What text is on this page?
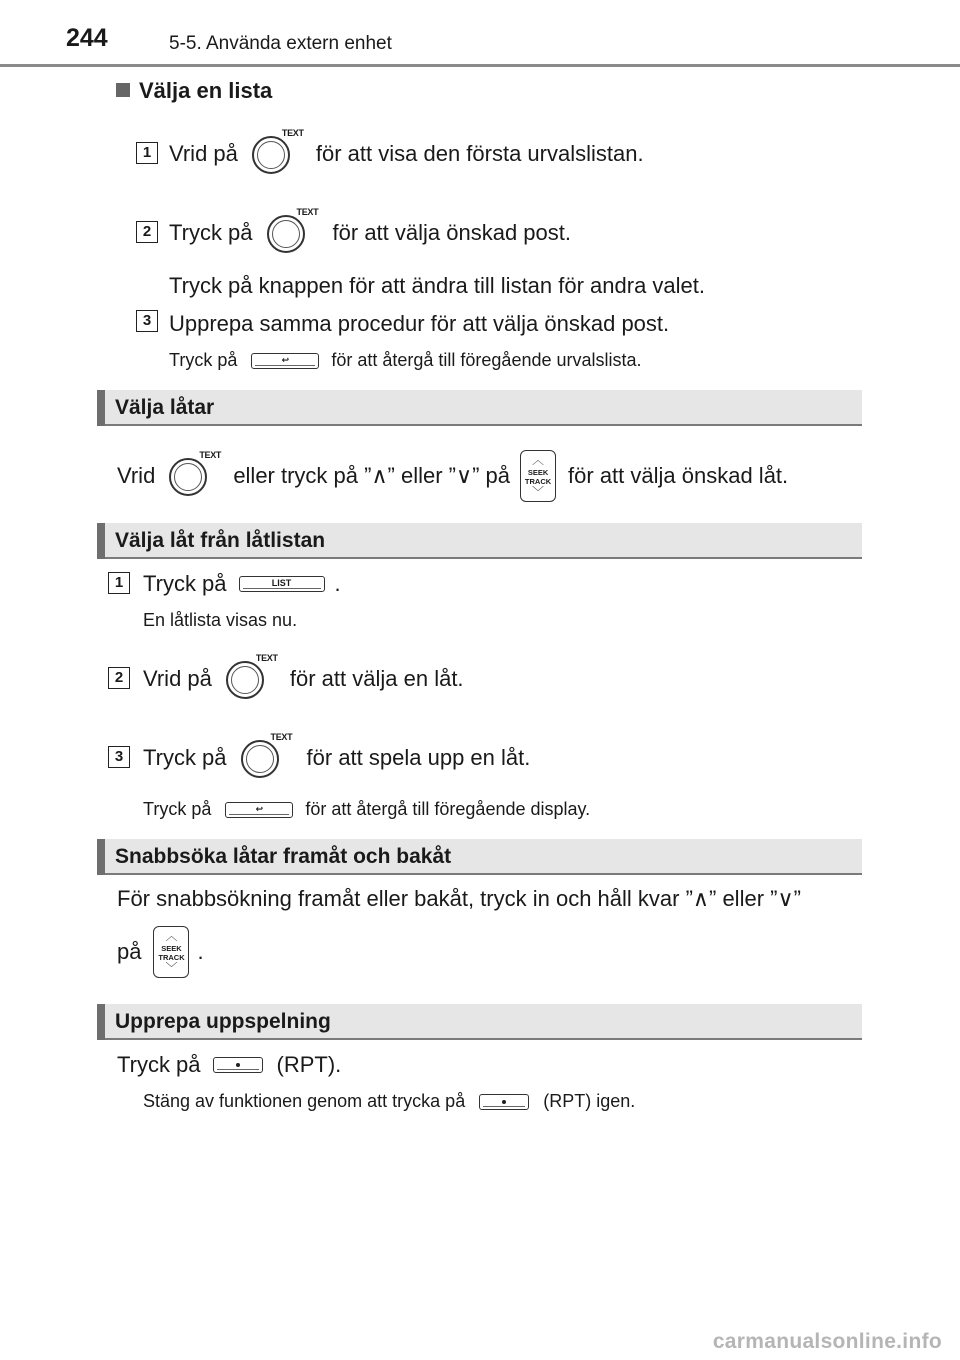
244	5-5. Använda extern enhet
Välja en lista
1 Vrid på
TEXT
för att visa den första urvalslistan.
2 Tryck på
TEXT
för att välja önskad post.
Tryck på knappen för att ändra till listan för andra valet.
3 Upprepa samma procedur för att välja önskad post.
Tryck på	↩	för att återgå till föregående urvalslista.
Välja låtar
Vrid
TEXT
eller tryck på ”∧” eller ”∨” på
︿
SEEK
TRACK
﹀
för att välja önskad låt.
Välja låt från låtlistan
1 Tryck på	LIST	.
En låtlista visas nu.
2 Vrid på
TEXT
för att välja en låt.
3 Tryck på
TEXT
för att spela upp en låt.
Tryck på	↩	för att återgå till föregående display.
Snabbsöka låtar framåt och bakåt
För snabbsökning framåt eller bakåt, tryck in och håll kvar ”∧” eller ”∨”
på
︿
SEEK
TRACK
﹀
.
Upprepa uppspelning
Tryck på	(RPT).
Stäng av funktionen genom att trycka på	(RPT) igen.
carmanualsonline.info
